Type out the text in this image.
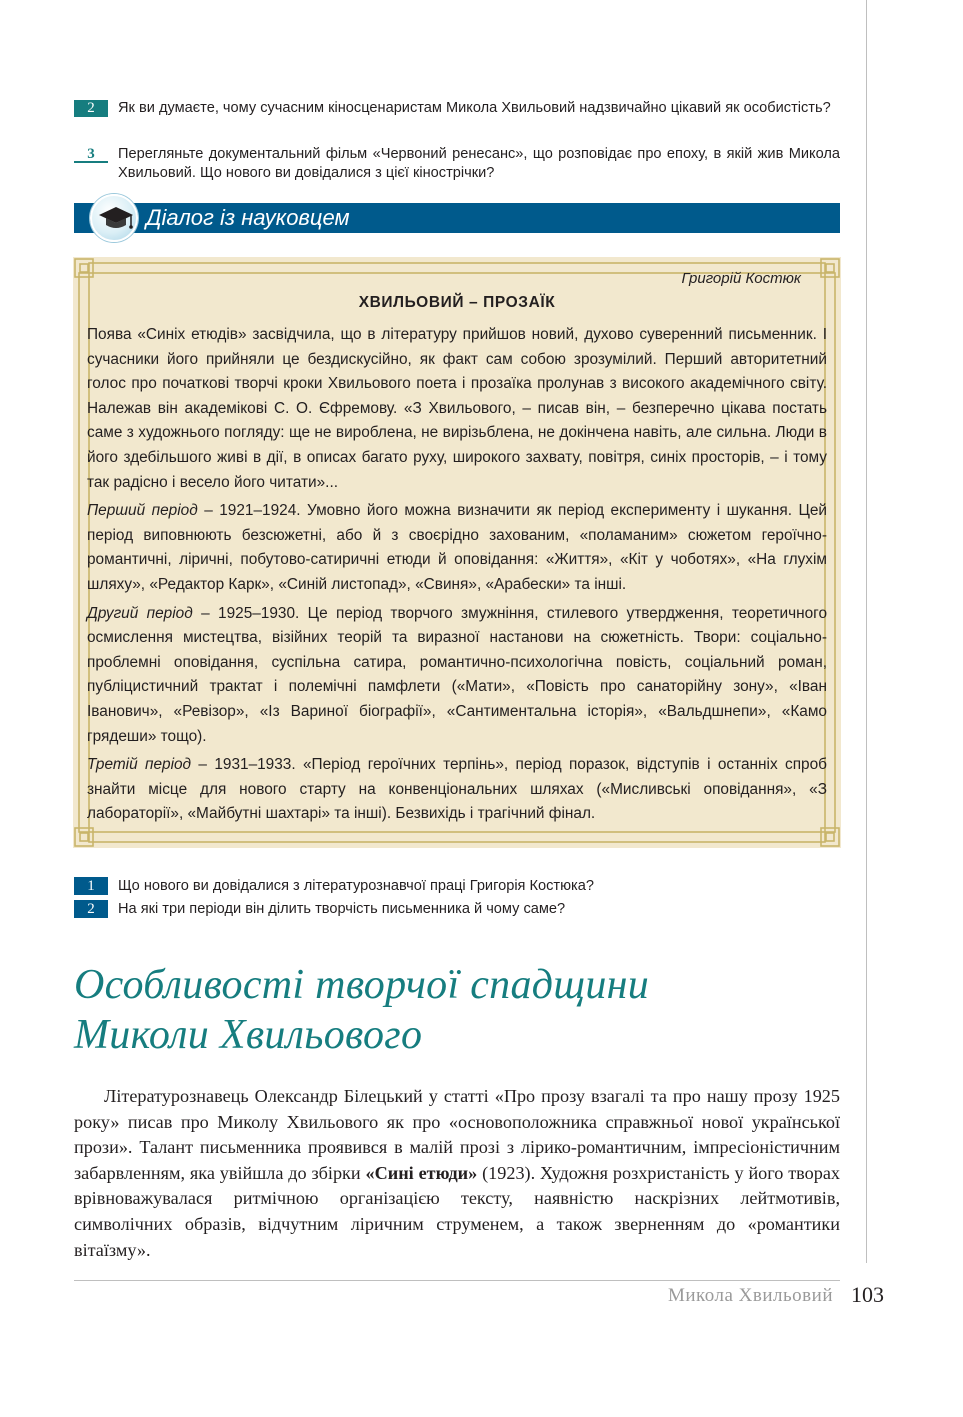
2	Як ви думаєте, чому сучасним кіносценаристам Микола Хвильовий надзвичайно цікавий як особистість?
3	Перегляньте документальний фільм «Червоний ренесанс», що розповідає про епоху, в якій жив Микола Хвильовий. Що нового ви довідалися з цієї кінострічки?
Діалог із науковцем
Григорій Костюк
ХВИЛЬОВИЙ – ПРОЗАЇК

Поява «Синіх етюдів» засвідчила, що в літературу прийшов новий, духово суверенний письменник. І сучасники його прийняли це бездискусійно, як факт сам собою зрозумілий. Перший авторитетний голос про початкові творчі кроки Хвильового поета і прозаїка пролунав з високого академічного світу. Належав він академікові С. О. Єфремову. «З Хвильового, – писав він, – безперечно цікава постать саме з художнього погляду: ще не вироблена, не вирізьблена, не докінчена навіть, але сильна. Люди в його здебільшого живі в дії, в описах багато руху, широкого захвату, повітря, синіх просторів, – і тому так радісно і весело його читати»...

Перший період – 1921–1924. Умовно його можна визначити як період експерименту і шукання. Цей період виповнюють безсюжетні, або й з своєрідно захованим, «поламаним» сюжетом героїчно-романтичні, ліричні, побутово-сатиричні етюди й оповідання: «Життя», «Кіт у чоботях», «На глухім шляху», «Редактор Карк», «Синій листопад», «Свиня», «Арабески» та інші.

Другий період – 1925–1930. Це період творчого змужніння, стилевого утвердження, теоретичного осмислення мистецтва, візійних теорій та виразної настанови на сюжетність. Твори: соціально-проблемні оповідання, суспільна сатира, романтично-психологічна повість, соціальний роман, публіцистичний трактат і полемічні памфлети («Мати», «Повість про санаторійну зону», «Іван Іванович», «Ревізор», «Із Вариної біографії», «Сантиментальна історія», «Вальдшнепи», «Камо грядеши» тощо).

Третій період – 1931–1933. «Період героїчних терпінь», період поразок, відступів і останніх спроб знайти місце для нового старту на конвенціональних шляхах («Мисливські оповідання», «З лабораторії», «Майбутні шахтарі» та інші). Безвихідь і трагічний фінал.

1	Що нового ви довідалися з літературознавчої праці Григорія Костюка?
2	На які три періоди він ділить творчість письменника й чому саме?
Особливості творчої спадщини
Миколи Хвильового
Літературознавець Олександр Білецький у статті «Про прозу взагалі та про нашу прозу 1925 року» писав про Миколу Хвильового як про «основоположника справжньої нової української прози». Талант письменника проявився в малій прозі з лірико-романтичним, імпресіоністичним забарвленням, яка увійшла до збірки «Сині етюди» (1923). Художня розхристаність у його творах врівноважувалася ритмічною організацією тексту, наявністю наскрізних лейтмотивів, символічних образів, відчутним ліричним струменем, а також зверненням до «романтики вітаїзму».
Микола Хвильовий 103
